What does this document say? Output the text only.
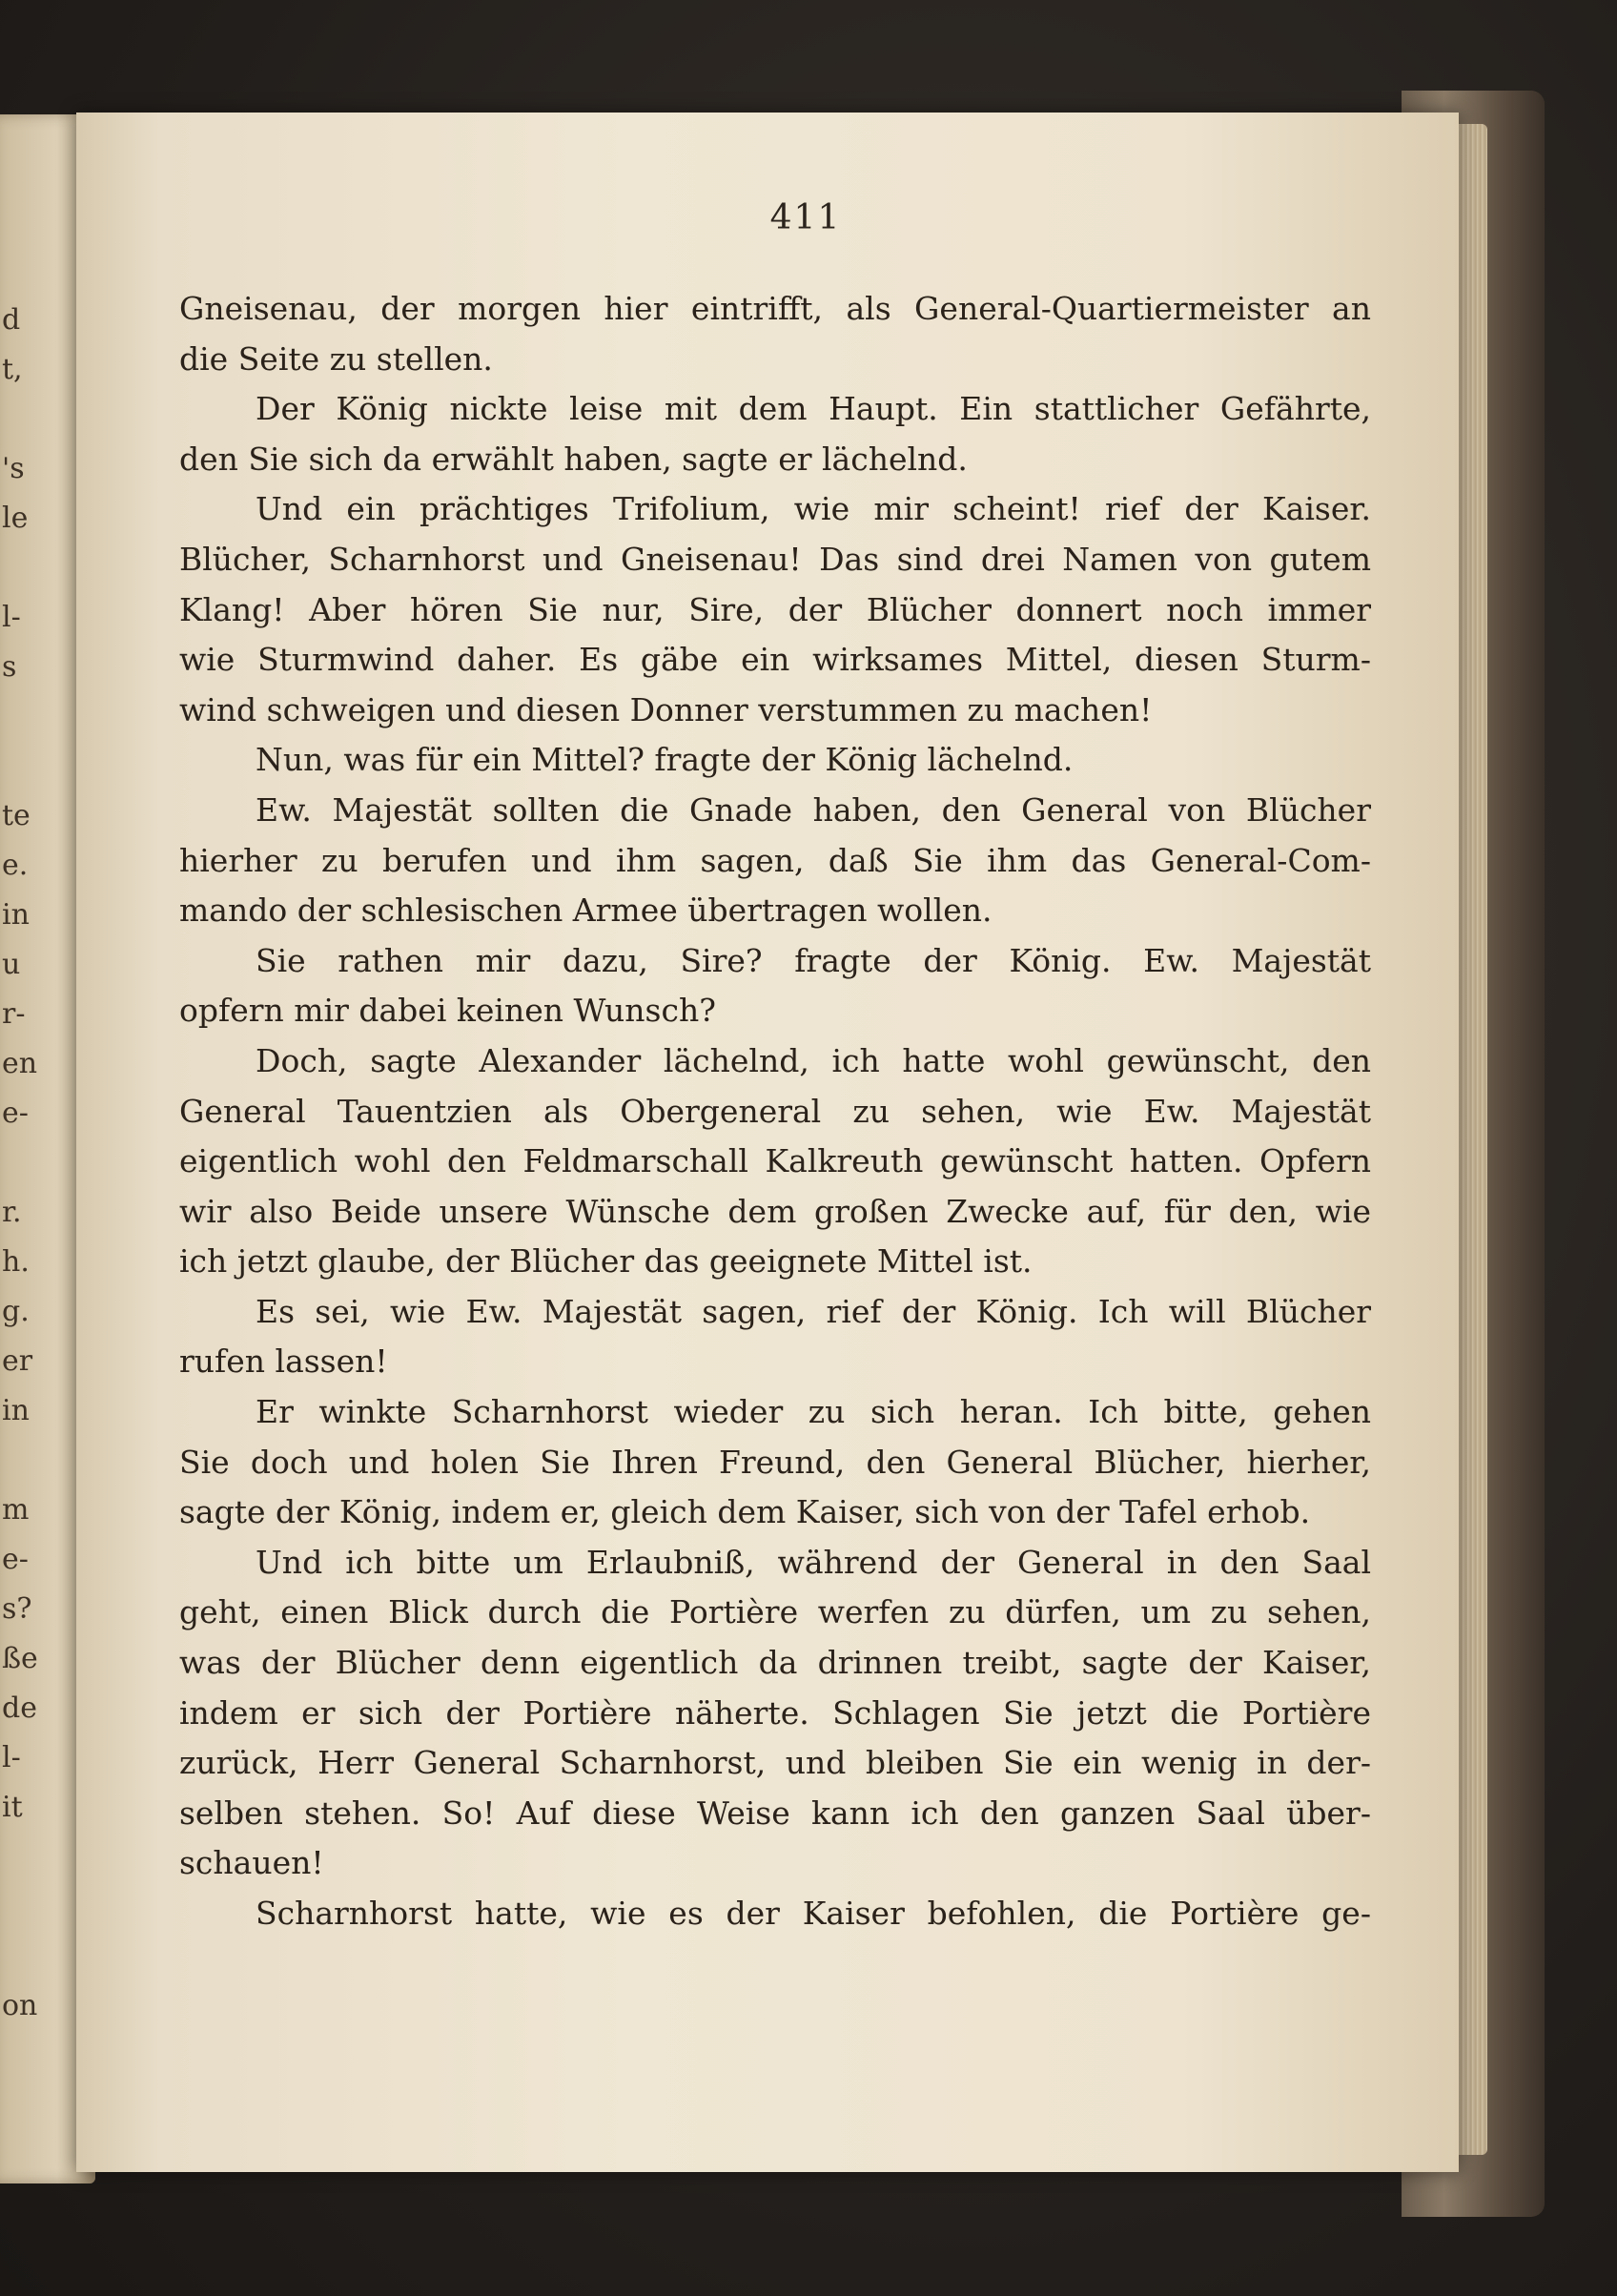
d
t,
's
le
l-
s
te
e.
in
u
r-
en
e-
r.
h.
g.
er
in
m
e-
s?
ße
de
l-
it
on
411
Gneisenau, der morgen hier eintrifft, als General-Quartiermeister an
die Seite zu stellen.
Der König nickte leise mit dem Haupt. Ein stattlicher Gefährte,
den Sie sich da erwählt haben, sagte er lächelnd.
Und ein prächtiges Trifolium, wie mir scheint! rief der Kaiser.
Blücher, Scharnhorst und Gneisenau! Das sind drei Namen von gutem
Klang! Aber hören Sie nur, Sire, der Blücher donnert noch immer
wie Sturmwind daher. Es gäbe ein wirksames Mittel, diesen Sturm-
wind schweigen und diesen Donner verstummen zu machen!
Nun, was für ein Mittel? fragte der König lächelnd.
Ew. Majestät sollten die Gnade haben, den General von Blücher
hierher zu berufen und ihm sagen, daß Sie ihm das General-Com-
mando der schlesischen Armee übertragen wollen.
Sie rathen mir dazu, Sire? fragte der König. Ew. Majestät
opfern mir dabei keinen Wunsch?
Doch, sagte Alexander lächelnd, ich hatte wohl gewünscht, den
General Tauentzien als Obergeneral zu sehen, wie Ew. Majestät
eigentlich wohl den Feldmarschall Kalkreuth gewünscht hatten. Opfern
wir also Beide unsere Wünsche dem großen Zwecke auf, für den, wie
ich jetzt glaube, der Blücher das geeignete Mittel ist.
Es sei, wie Ew. Majestät sagen, rief der König. Ich will Blücher
rufen lassen!
Er winkte Scharnhorst wieder zu sich heran. Ich bitte, gehen
Sie doch und holen Sie Ihren Freund, den General Blücher, hierher,
sagte der König, indem er, gleich dem Kaiser, sich von der Tafel erhob.
Und ich bitte um Erlaubniß, während der General in den Saal
geht, einen Blick durch die Portière werfen zu dürfen, um zu sehen,
was der Blücher denn eigentlich da drinnen treibt, sagte der Kaiser,
indem er sich der Portière näherte. Schlagen Sie jetzt die Portière
zurück, Herr General Scharnhorst, und bleiben Sie ein wenig in der-
selben stehen. So! Auf diese Weise kann ich den ganzen Saal über-
schauen!
Scharnhorst hatte, wie es der Kaiser befohlen, die Portière ge-
